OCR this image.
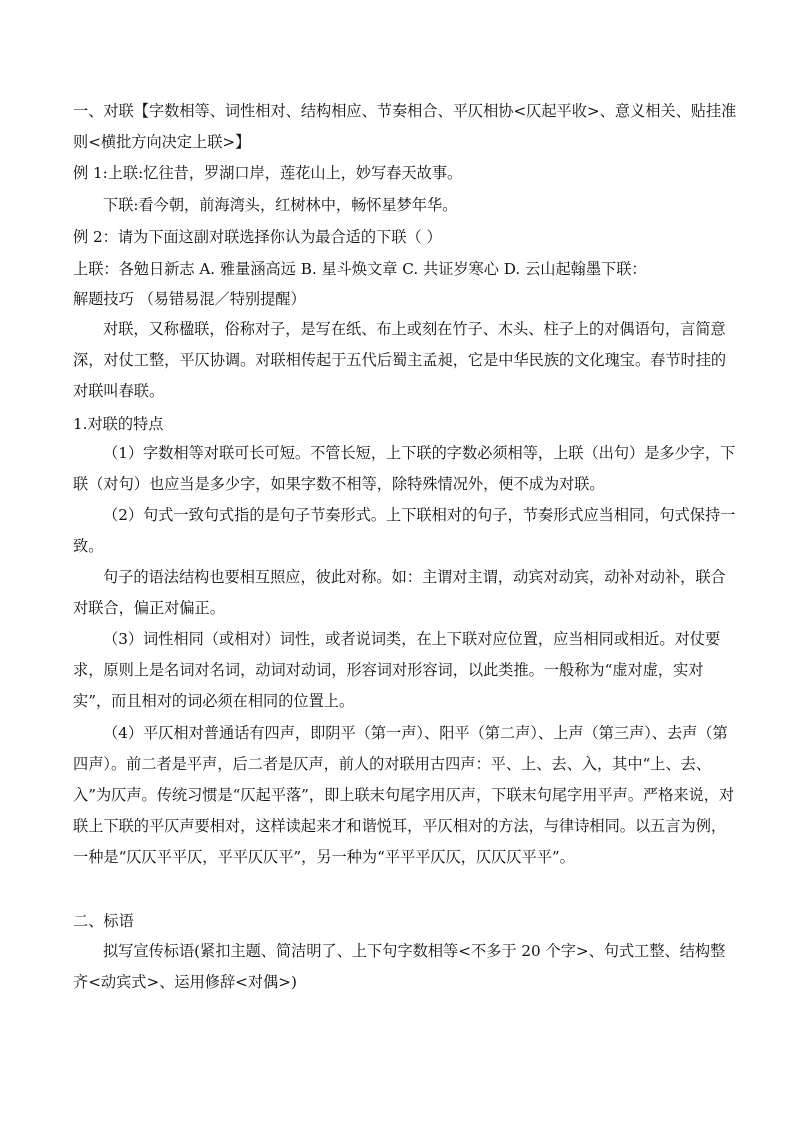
一、对联【字数相等、词性相对、结构相应、节奏相合、平仄相协<仄起平收>、意义相关、贴挂准则<横批方向决定上联>】

例 1:上联:忆往昔，罗湖口岸，莲花山上，妙写春天故事。

下联:看今朝，前海湾头，红树林中，畅怀星梦年华。

例 2：请为下面这副对联选择你认为最合适的下联（ ）

上联：各勉日新志 A. 雅量涵高远 B. 星斗焕文章 C. 共证岁寒心 D. 云山起翰墨下联：

解题技巧 （易错易混／特别提醒）

对联，又称楹联，俗称对子，是写在纸、布上或刻在竹子、木头、柱子上的对偶语句，言简意深，对仗工整，平仄协调。对联相传起于五代后蜀主孟昶，它是中华民族的文化瑰宝。春节时挂的对联叫春联。

1.对联的特点

（1）字数相等对联可长可短。不管长短，上下联的字数必须相等，上联（出句）是多少字，下联（对句）也应当是多少字，如果字数不相等，除特殊情况外，便不成为对联。

（2）句式一致句式指的是句子节奏形式。上下联相对的句子，节奏形式应当相同，句式保持一致。

句子的语法结构也要相互照应，彼此对称。如：主谓对主谓，动宾对动宾，动补对动补，联合对联合，偏正对偏正。

（3）词性相同（或相对）词性，或者说词类，在上下联对应位置，应当相同或相近。对仗要求，原则上是名词对名词，动词对动词，形容词对形容词，以此类推。一般称为“虚对虚，实对实”，而且相对的词必须在相同的位置上。

（4）平仄相对普通话有四声，即阴平（第一声）、阳平（第二声）、上声（第三声）、去声（第四声）。前二者是平声，后二者是仄声，前人的对联用古四声：平、上、去、入，其中“上、去、入”为仄声。传统习惯是“仄起平落”，即上联末句尾字用仄声，下联末句尾字用平声。严格来说，对联上下联的平仄声要相对，这样读起来才和谐悦耳，平仄相对的方法，与律诗相同。以五言为例，一种是“仄仄平平仄，平平仄仄平”，另一种为“平平平仄仄，仄仄仄平平”。

二、标语

拟写宣传标语(紧扣主题、简洁明了、上下句字数相等<不多于 20 个字>、句式工整、结构整齐<动宾式>、运用修辞<对偶>)
